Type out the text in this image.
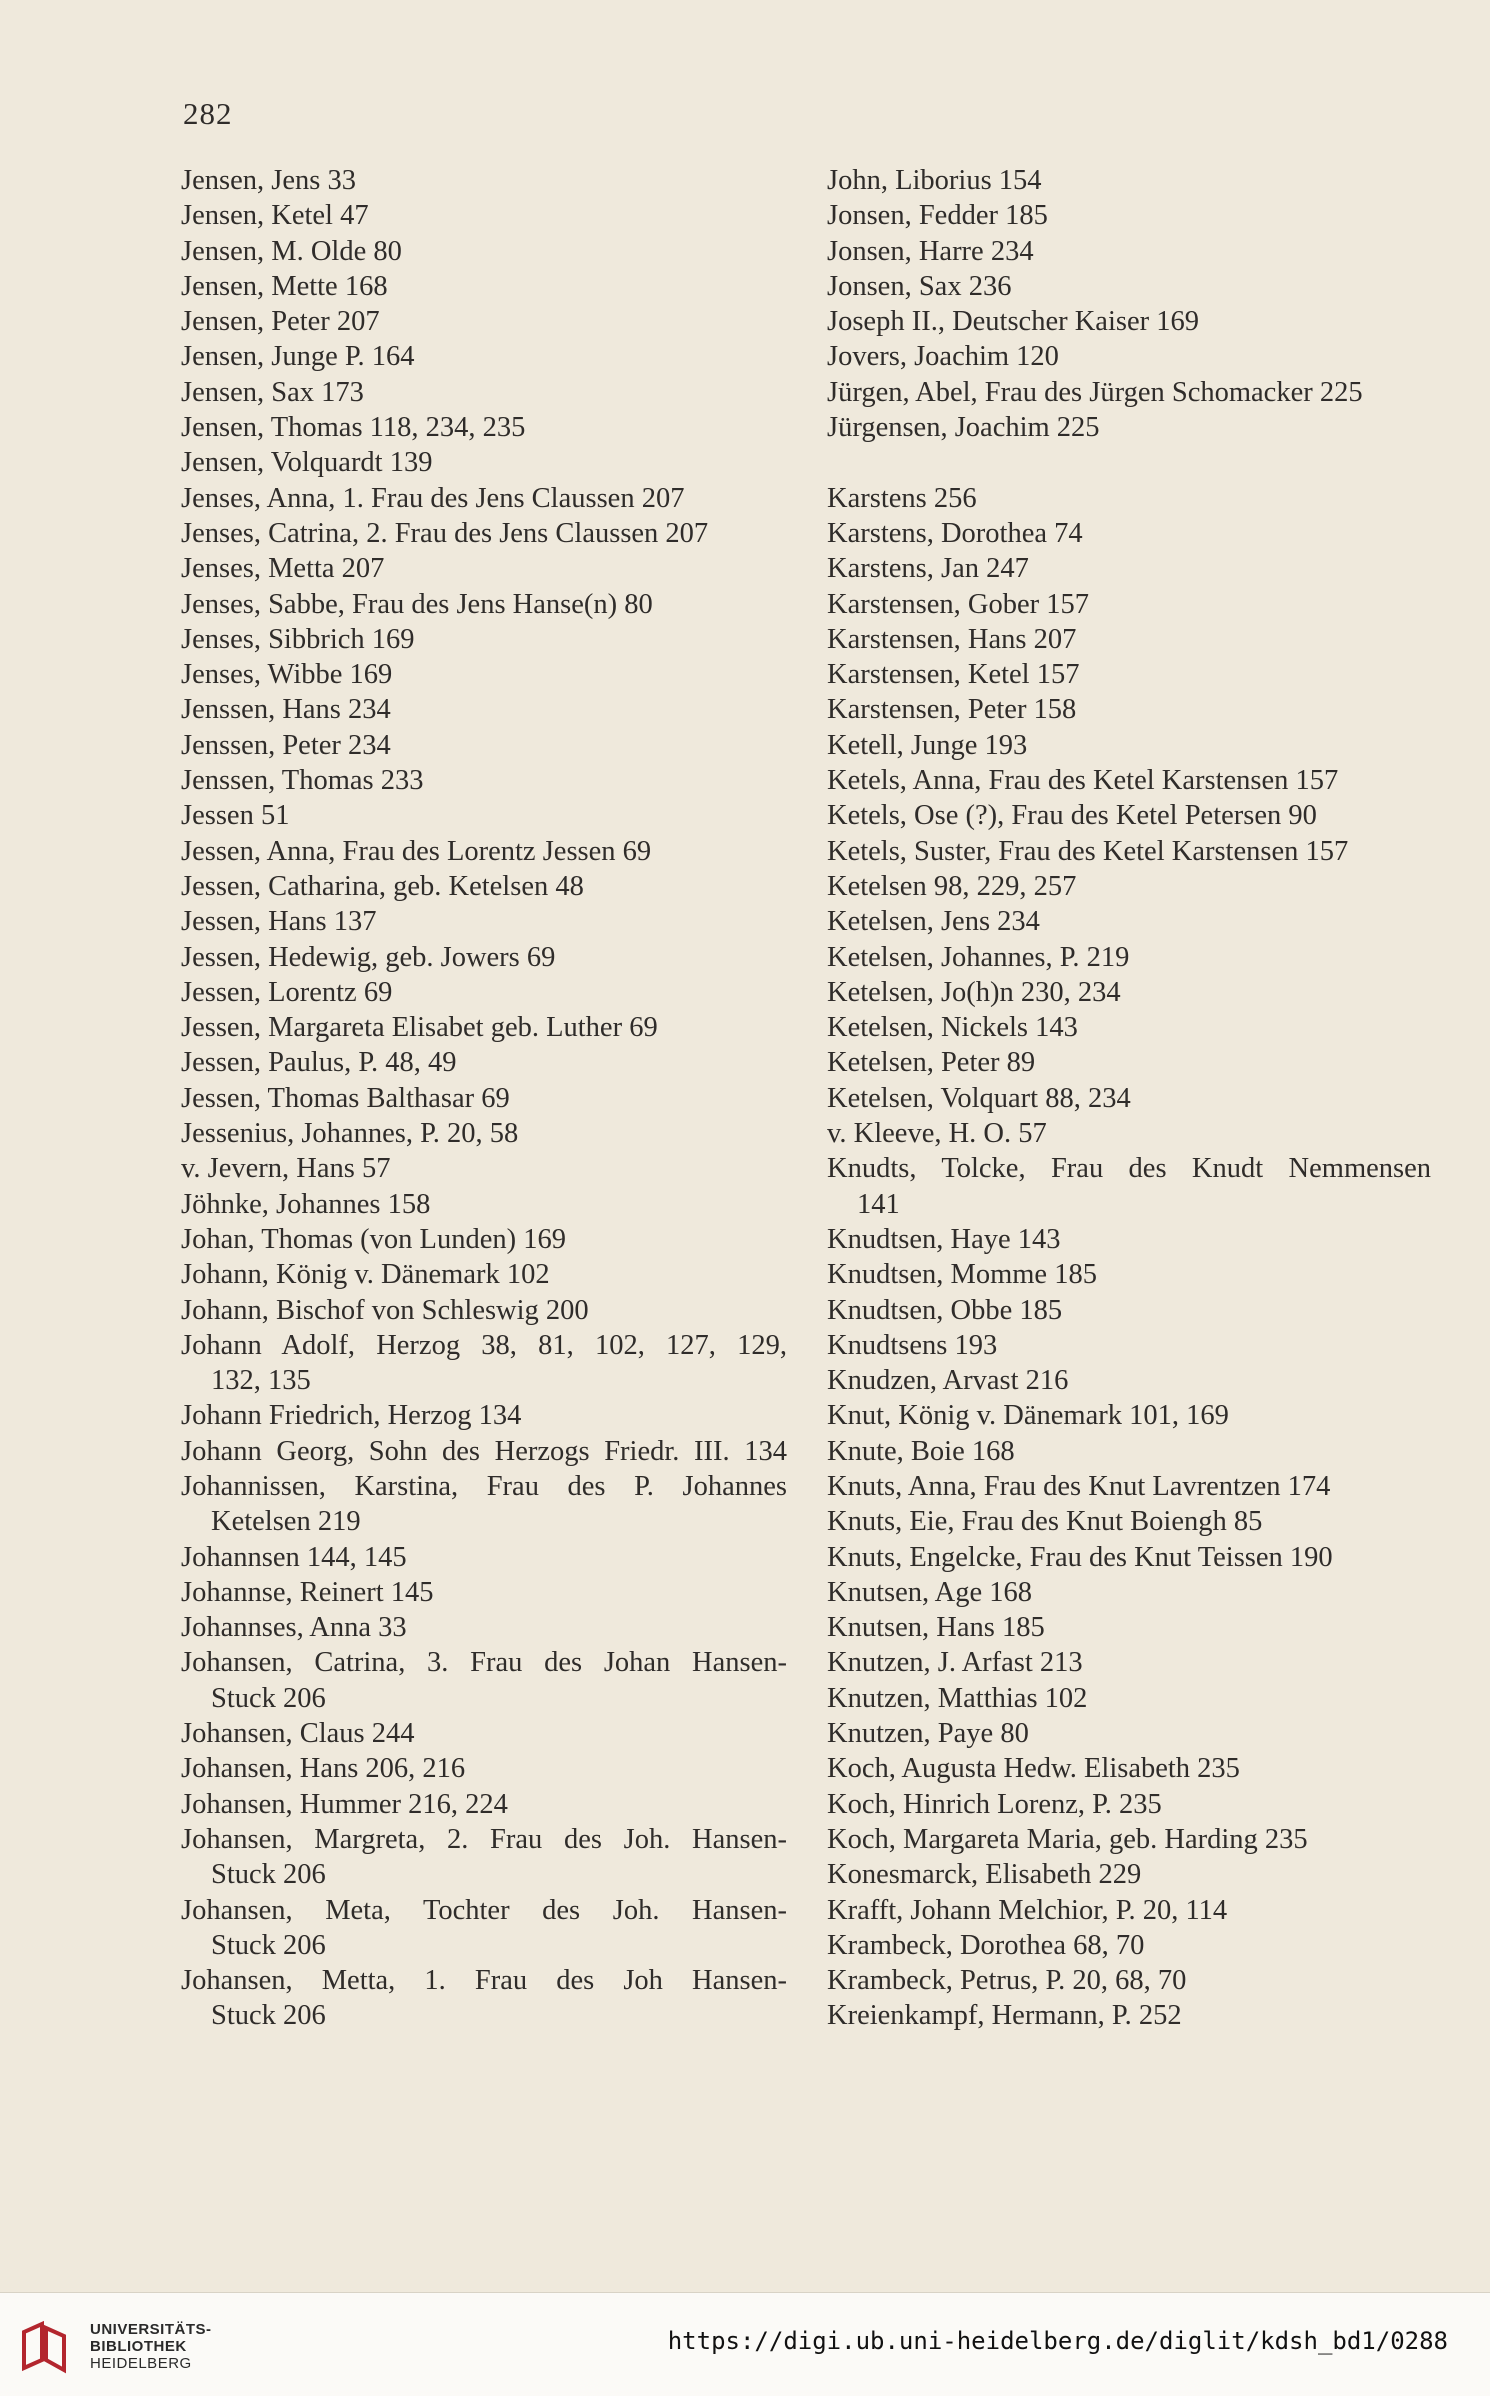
282
Jensen, Jens 33
Jensen, Ketel 47
Jensen, M. Olde 80
Jensen, Mette 168
Jensen, Peter 207
Jensen, Junge P. 164
Jensen, Sax 173
Jensen, Thomas 118, 234, 235
Jensen, Volquardt 139
Jenses, Anna, 1. Frau des Jens Claussen 207
Jenses, Catrina, 2. Frau des Jens Claussen 207
Jenses, Metta 207
Jenses, Sabbe, Frau des Jens Hanse(n) 80
Jenses, Sibbrich 169
Jenses, Wibbe 169
Jenssen, Hans 234
Jenssen, Peter 234
Jenssen, Thomas 233
Jessen 51
Jessen, Anna, Frau des Lorentz Jessen 69
Jessen, Catharina, geb. Ketelsen 48
Jessen, Hans 137
Jessen, Hedewig, geb. Jowers 69
Jessen, Lorentz 69
Jessen, Margareta Elisabet geb. Luther 69
Jessen, Paulus, P. 48, 49
Jessen, Thomas Balthasar 69
Jessenius, Johannes, P. 20, 58
v. Jevern, Hans 57
Jöhnke, Johannes 158
Johan, Thomas (von Lunden) 169
Johann, König v. Dänemark 102
Johann, Bischof von Schleswig 200
Johann Adolf, Herzog 38, 81, 102, 127, 129,
132, 135
Johann Friedrich, Herzog 134
Johann Georg, Sohn des Herzogs Friedr. III. 134
Johannissen, Karstina, Frau des P. Johannes
Ketelsen 219
Johannsen 144, 145
Johannse, Reinert 145
Johannses, Anna 33
Johansen, Catrina, 3. Frau des Johan Hansen-
Stuck 206
Johansen, Claus 244
Johansen, Hans 206, 216
Johansen, Hummer 216, 224
Johansen, Margreta, 2. Frau des Joh. Hansen-
Stuck 206
Johansen, Meta, Tochter des Joh. Hansen-
Stuck 206
Johansen, Metta, 1. Frau des Joh Hansen-
Stuck 206
John, Liborius 154
Jonsen, Fedder 185
Jonsen, Harre 234
Jonsen, Sax 236
Joseph II., Deutscher Kaiser 169
Jovers, Joachim 120
Jürgen, Abel, Frau des Jürgen Schomacker 225
Jürgensen, Joachim 225
Karstens 256
Karstens, Dorothea 74
Karstens, Jan 247
Karstensen, Gober 157
Karstensen, Hans 207
Karstensen, Ketel 157
Karstensen, Peter 158
Ketell, Junge 193
Ketels, Anna, Frau des Ketel Karstensen 157
Ketels, Ose (?), Frau des Ketel Petersen 90
Ketels, Suster, Frau des Ketel Karstensen 157
Ketelsen 98, 229, 257
Ketelsen, Jens 234
Ketelsen, Johannes, P. 219
Ketelsen, Jo(h)n 230, 234
Ketelsen, Nickels 143
Ketelsen, Peter 89
Ketelsen, Volquart 88, 234
v. Kleeve, H. O. 57
Knudts, Tolcke, Frau des Knudt Nemmensen
141
Knudtsen, Haye 143
Knudtsen, Momme 185
Knudtsen, Obbe 185
Knudtsens 193
Knudzen, Arvast 216
Knut, König v. Dänemark 101, 169
Knute, Boie 168
Knuts, Anna, Frau des Knut Lavrentzen 174
Knuts, Eie, Frau des Knut Boiengh 85
Knuts, Engelcke, Frau des Knut Teissen 190
Knutsen, Age 168
Knutsen, Hans 185
Knutzen, J. Arfast 213
Knutzen, Matthias 102
Knutzen, Paye 80
Koch, Augusta Hedw. Elisabeth 235
Koch, Hinrich Lorenz, P. 235
Koch, Margareta Maria, geb. Harding 235
Konesmarck, Elisabeth 229
Krafft, Johann Melchior, P. 20, 114
Krambeck, Dorothea 68, 70
Krambeck, Petrus, P. 20, 68, 70
Kreienkampf, Hermann, P. 252
UNIVERSITÄTS-
BIBLIOTHEK
HEIDELBERG
https://digi.ub.uni-heidelberg.de/diglit/kdsh_bd1/0288
